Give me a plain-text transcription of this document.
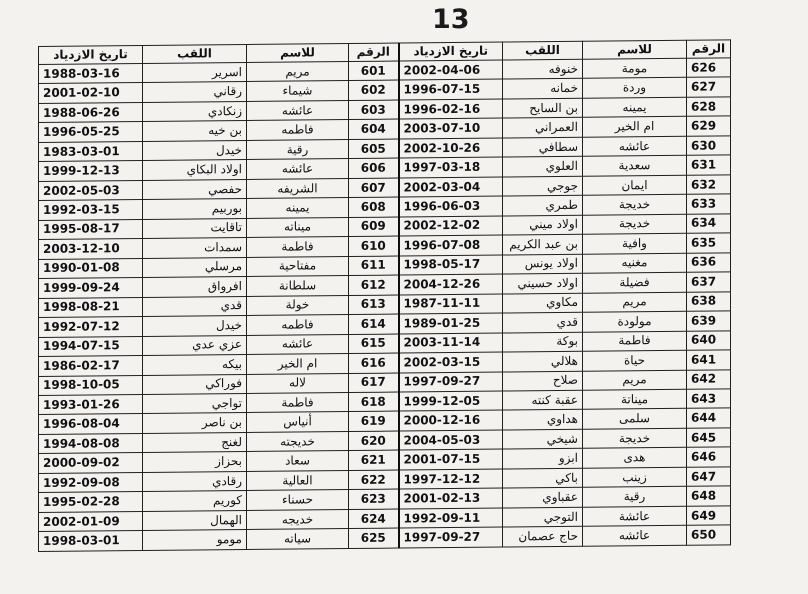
13
تاريخ الازدياد	اللقب	للاسم	الرقم	تاريخ الازدياد	اللقب	للاسم	الرقم
1988-03-16	اسرير	مريم	601	2002-04-06	خنوفه	مومة	626
2001-02-10	رقاني	شيماء	602	1996-07-15	خمانه	وردة	627
1988-06-26	زنكادي	عائشه	603	1996-02-16	بن السايح	يمينه	628
1996-05-25	بن خيه	فاطمه	604	2003-07-10	العمراني	ام الخير	629
1983-03-01	خيدل	رقية	605	2002-10-26	سطافي	عائشه	630
1999-12-13	اولاد البكاي	عائشه	606	1997-03-18	العلوي	سعدية	631
2002-05-03	حفصي	الشريفه	607	2002-03-04	جوجي	ايمان	632
1992-03-15	بوربيم	يمينه	608	1996-06-03	طمري	خديجة	633
1995-08-17	تاقايت	ميناته	609	2002-12-02	اولاد ميني	خديجة	634
2003-12-10	سمدات	فاطمة	610	1996-07-08	بن عبد الكريم	وافية	635
1990-01-08	مرسلي	مفتاحية	611	1998-05-17	اولاد يونس	مغنيه	636
1999-09-24	افرواق	سلطانة	612	2004-12-26	اولاد حسيني	فضيلة	637
1998-08-21	قدي	خولة	613	1987-11-11	مكاوي	مريم	638
1992-07-12	خيدل	فاطمه	614	1989-01-25	قدي	مولودة	639
1994-07-15	عزي عدي	عائشه	615	2003-11-14	بوكة	فاطمة	640
1986-02-17	بيكه	ام الخير	616	2002-03-15	هلالي	حياة	641
1998-10-05	فوراكي	لاله	617	1997-09-27	صلاح	مريم	642
1993-01-26	تواجي	فاطمة	618	1999-12-05	عقبة كنته	ميناتة	643
1996-08-04	بن ناصر	أنياس	619	2000-12-16	هداوي	سلمى	644
1994-08-08	لغنج	خديجته	620	2004-05-03	شيخي	خديجة	645
2000-09-02	بحزاز	سعاد	621	2001-07-15	ابزو	هدى	646
1992-09-08	رقادي	العالية	622	1997-12-12	باكي	زينب	647
1995-02-28	كوريم	حسناء	623	2001-02-13	عقباوي	رقية	648
2002-01-09	الهمال	خديجه	624	1992-09-11	التوجي	عائشة	649
1998-03-01	مومو	سياته	625	1997-09-27	حاج عصمان	عائشه	650
